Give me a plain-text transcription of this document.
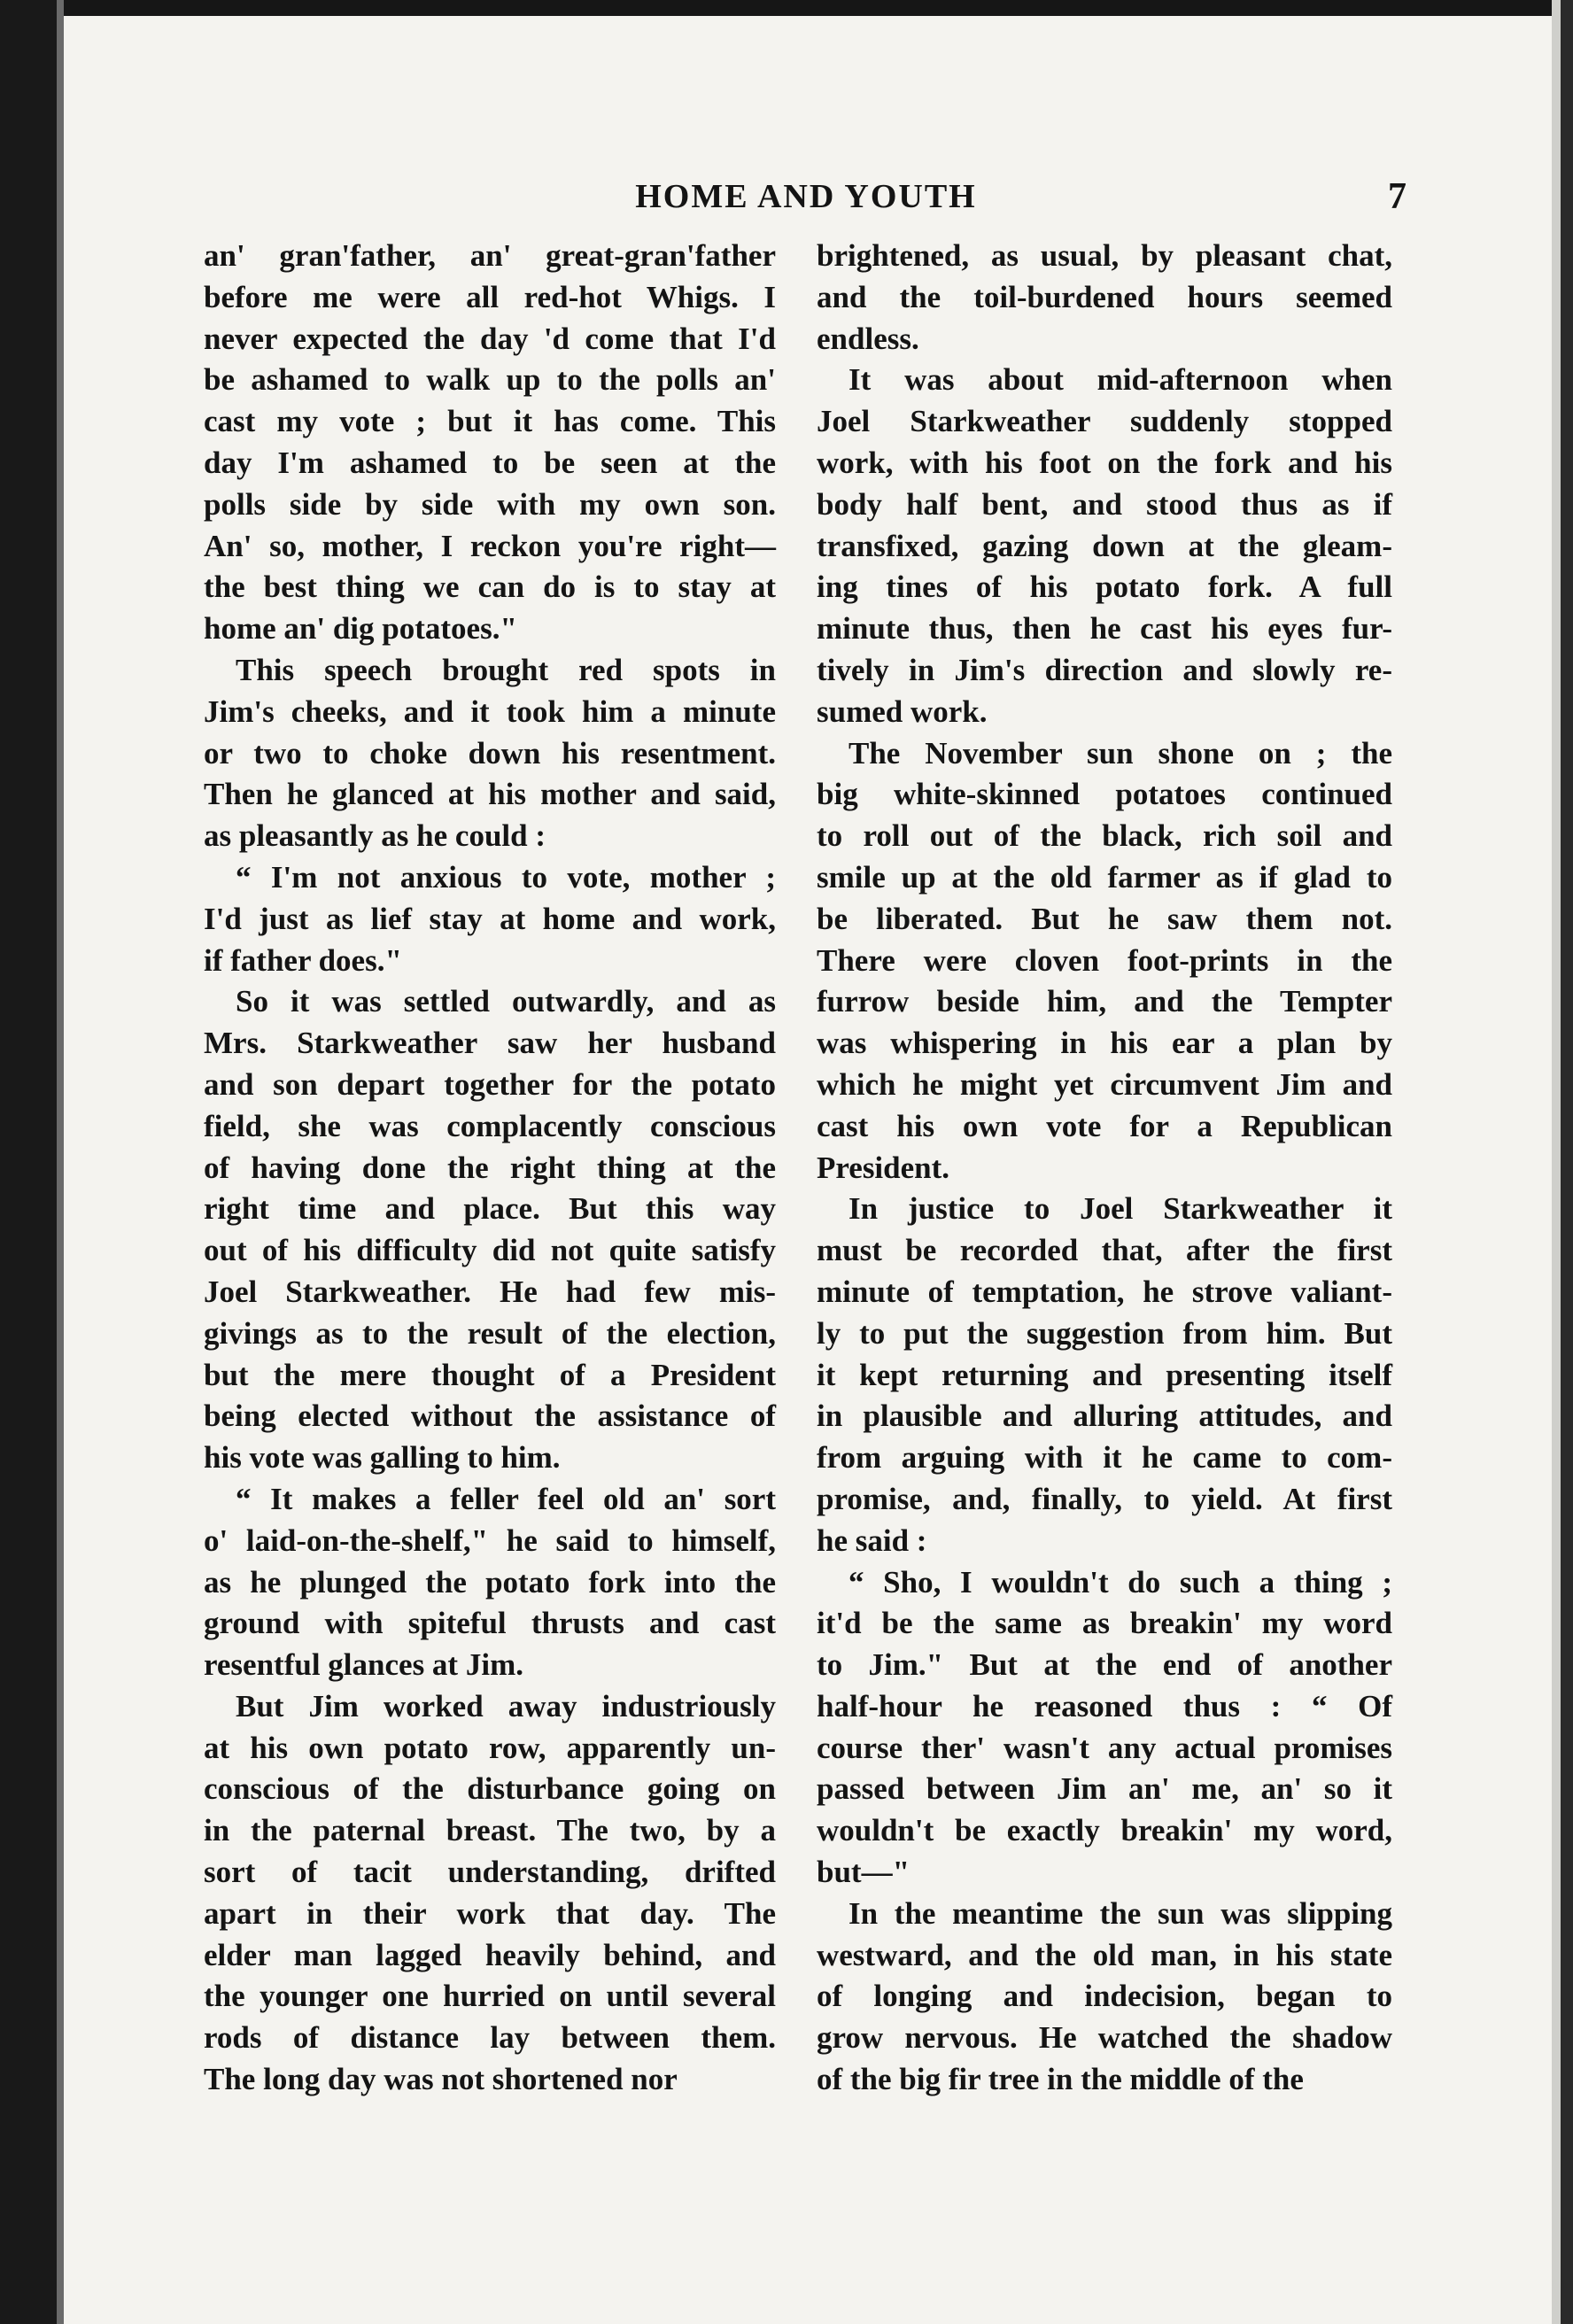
HOME AND YOUTH	7

an' gran'father, an' great-gran'father
before me were all red-hot Whigs. I
never expected the day 'd come that I'd
be ashamed to walk up to the polls an'
cast my vote ; but it has come. This
day I'm ashamed to be seen at the
polls side by side with my own son.
An' so, mother, I reckon you're right—
the best thing we can do is to stay at
home an' dig potatoes."

This speech brought red spots in
Jim's cheeks, and it took him a minute
or two to choke down his resentment.
Then he glanced at his mother and said,
as pleasantly as he could :

“ I'm not anxious to vote, mother ;
I'd just as lief stay at home and work,
if father does."

So it was settled outwardly, and as
Mrs. Starkweather saw her husband
and son depart together for the potato
field, she was complacently conscious
of having done the right thing at the
right time and place. But this way
out of his difficulty did not quite satisfy
Joel Starkweather. He had few mis-
givings as to the result of the election,
but the mere thought of a President
being elected without the assistance of
his vote was galling to him.

“ It makes a feller feel old an' sort
o' laid-on-the-shelf," he said to himself,
as he plunged the potato fork into the
ground with spiteful thrusts and cast
resentful glances at Jim.

But Jim worked away industriously
at his own potato row, apparently un-
conscious of the disturbance going on
in the paternal breast. The two, by a
sort of tacit understanding, drifted
apart in their work that day. The
elder man lagged heavily behind, and
the younger one hurried on until several
rods of distance lay between them.
The long day was not shortened nor

brightened, as usual, by pleasant chat,
and the toil-burdened hours seemed
endless.

It was about mid-afternoon when
Joel Starkweather suddenly stopped
work, with his foot on the fork and his
body half bent, and stood thus as if
transfixed, gazing down at the gleam-
ing tines of his potato fork. A full
minute thus, then he cast his eyes fur-
tively in Jim's direction and slowly re-
sumed work.

The November sun shone on ; the
big white-skinned potatoes continued
to roll out of the black, rich soil and
smile up at the old farmer as if glad to
be liberated. But he saw them not.
There were cloven foot-prints in the
furrow beside him, and the Tempter
was whispering in his ear a plan by
which he might yet circumvent Jim and
cast his own vote for a Republican
President.

In justice to Joel Starkweather it
must be recorded that, after the first
minute of temptation, he strove valiant-
ly to put the suggestion from him. But
it kept returning and presenting itself
in plausible and alluring attitudes, and
from arguing with it he came to com-
promise, and, finally, to yield. At first
he said :

“ Sho, I wouldn't do such a thing ;
it'd be the same as breakin' my word
to Jim." But at the end of another
half-hour he reasoned thus : “ Of
course ther' wasn't any actual promises
passed between Jim an' me, an' so it
wouldn't be exactly breakin' my word,
but—"

In the meantime the sun was slipping
westward, and the old man, in his state
of longing and indecision, began to
grow nervous. He watched the shadow
of the big fir tree in the middle of the
